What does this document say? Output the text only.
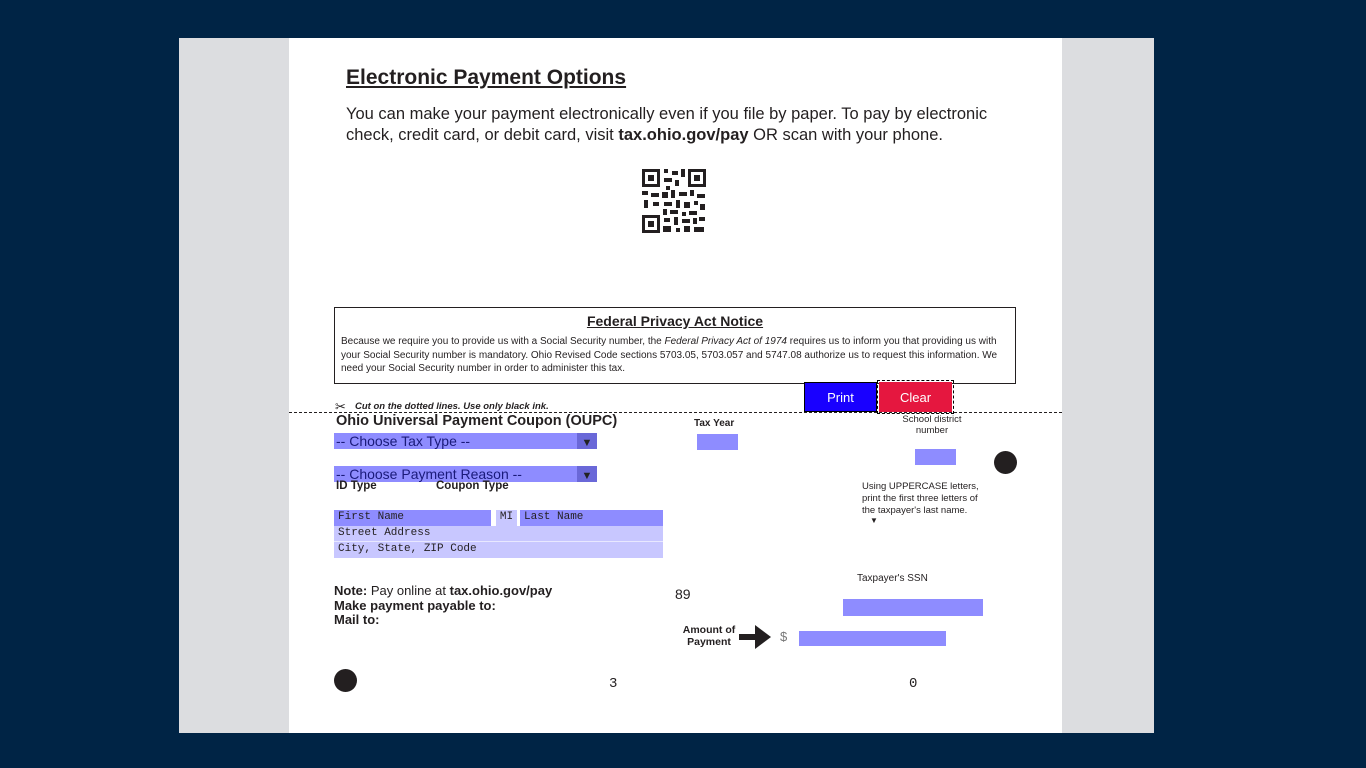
Electronic Payment Options
You can make your payment electronically even if you file by paper. To pay by electronic check, credit card, or debit card, visit tax.ohio.gov/pay OR scan with your phone.
Federal Privacy Act Notice
Because we require you to provide us with a Social Security number, the Federal Privacy Act of 1974 requires us to inform you that providing us with your Social Security number is mandatory. Ohio Revised Code sections 5703.05, 5703.057 and 5747.08 authorize us to request this information. We need your Social Security number in order to administer this tax.
Print	Clear
✂ Cut on the dotted lines. Use only black ink.
Ohio Universal Payment Coupon (OUPC)
-- Choose Tax Type --	▼
-- Choose Payment Reason --	▼
ID Type	Coupon Type
First Name	MI Last Name
Street Address
City, State, ZIP Code
Tax Year	School district number
Using UPPERCASE letters, print the first three letters of the taxpayer's last name.
▼
Taxpayer's SSN
Note: Pay online at tax.ohio.gov/pay
Make payment payable to:
Mail to:
89
Amount of Payment	$
3	0
